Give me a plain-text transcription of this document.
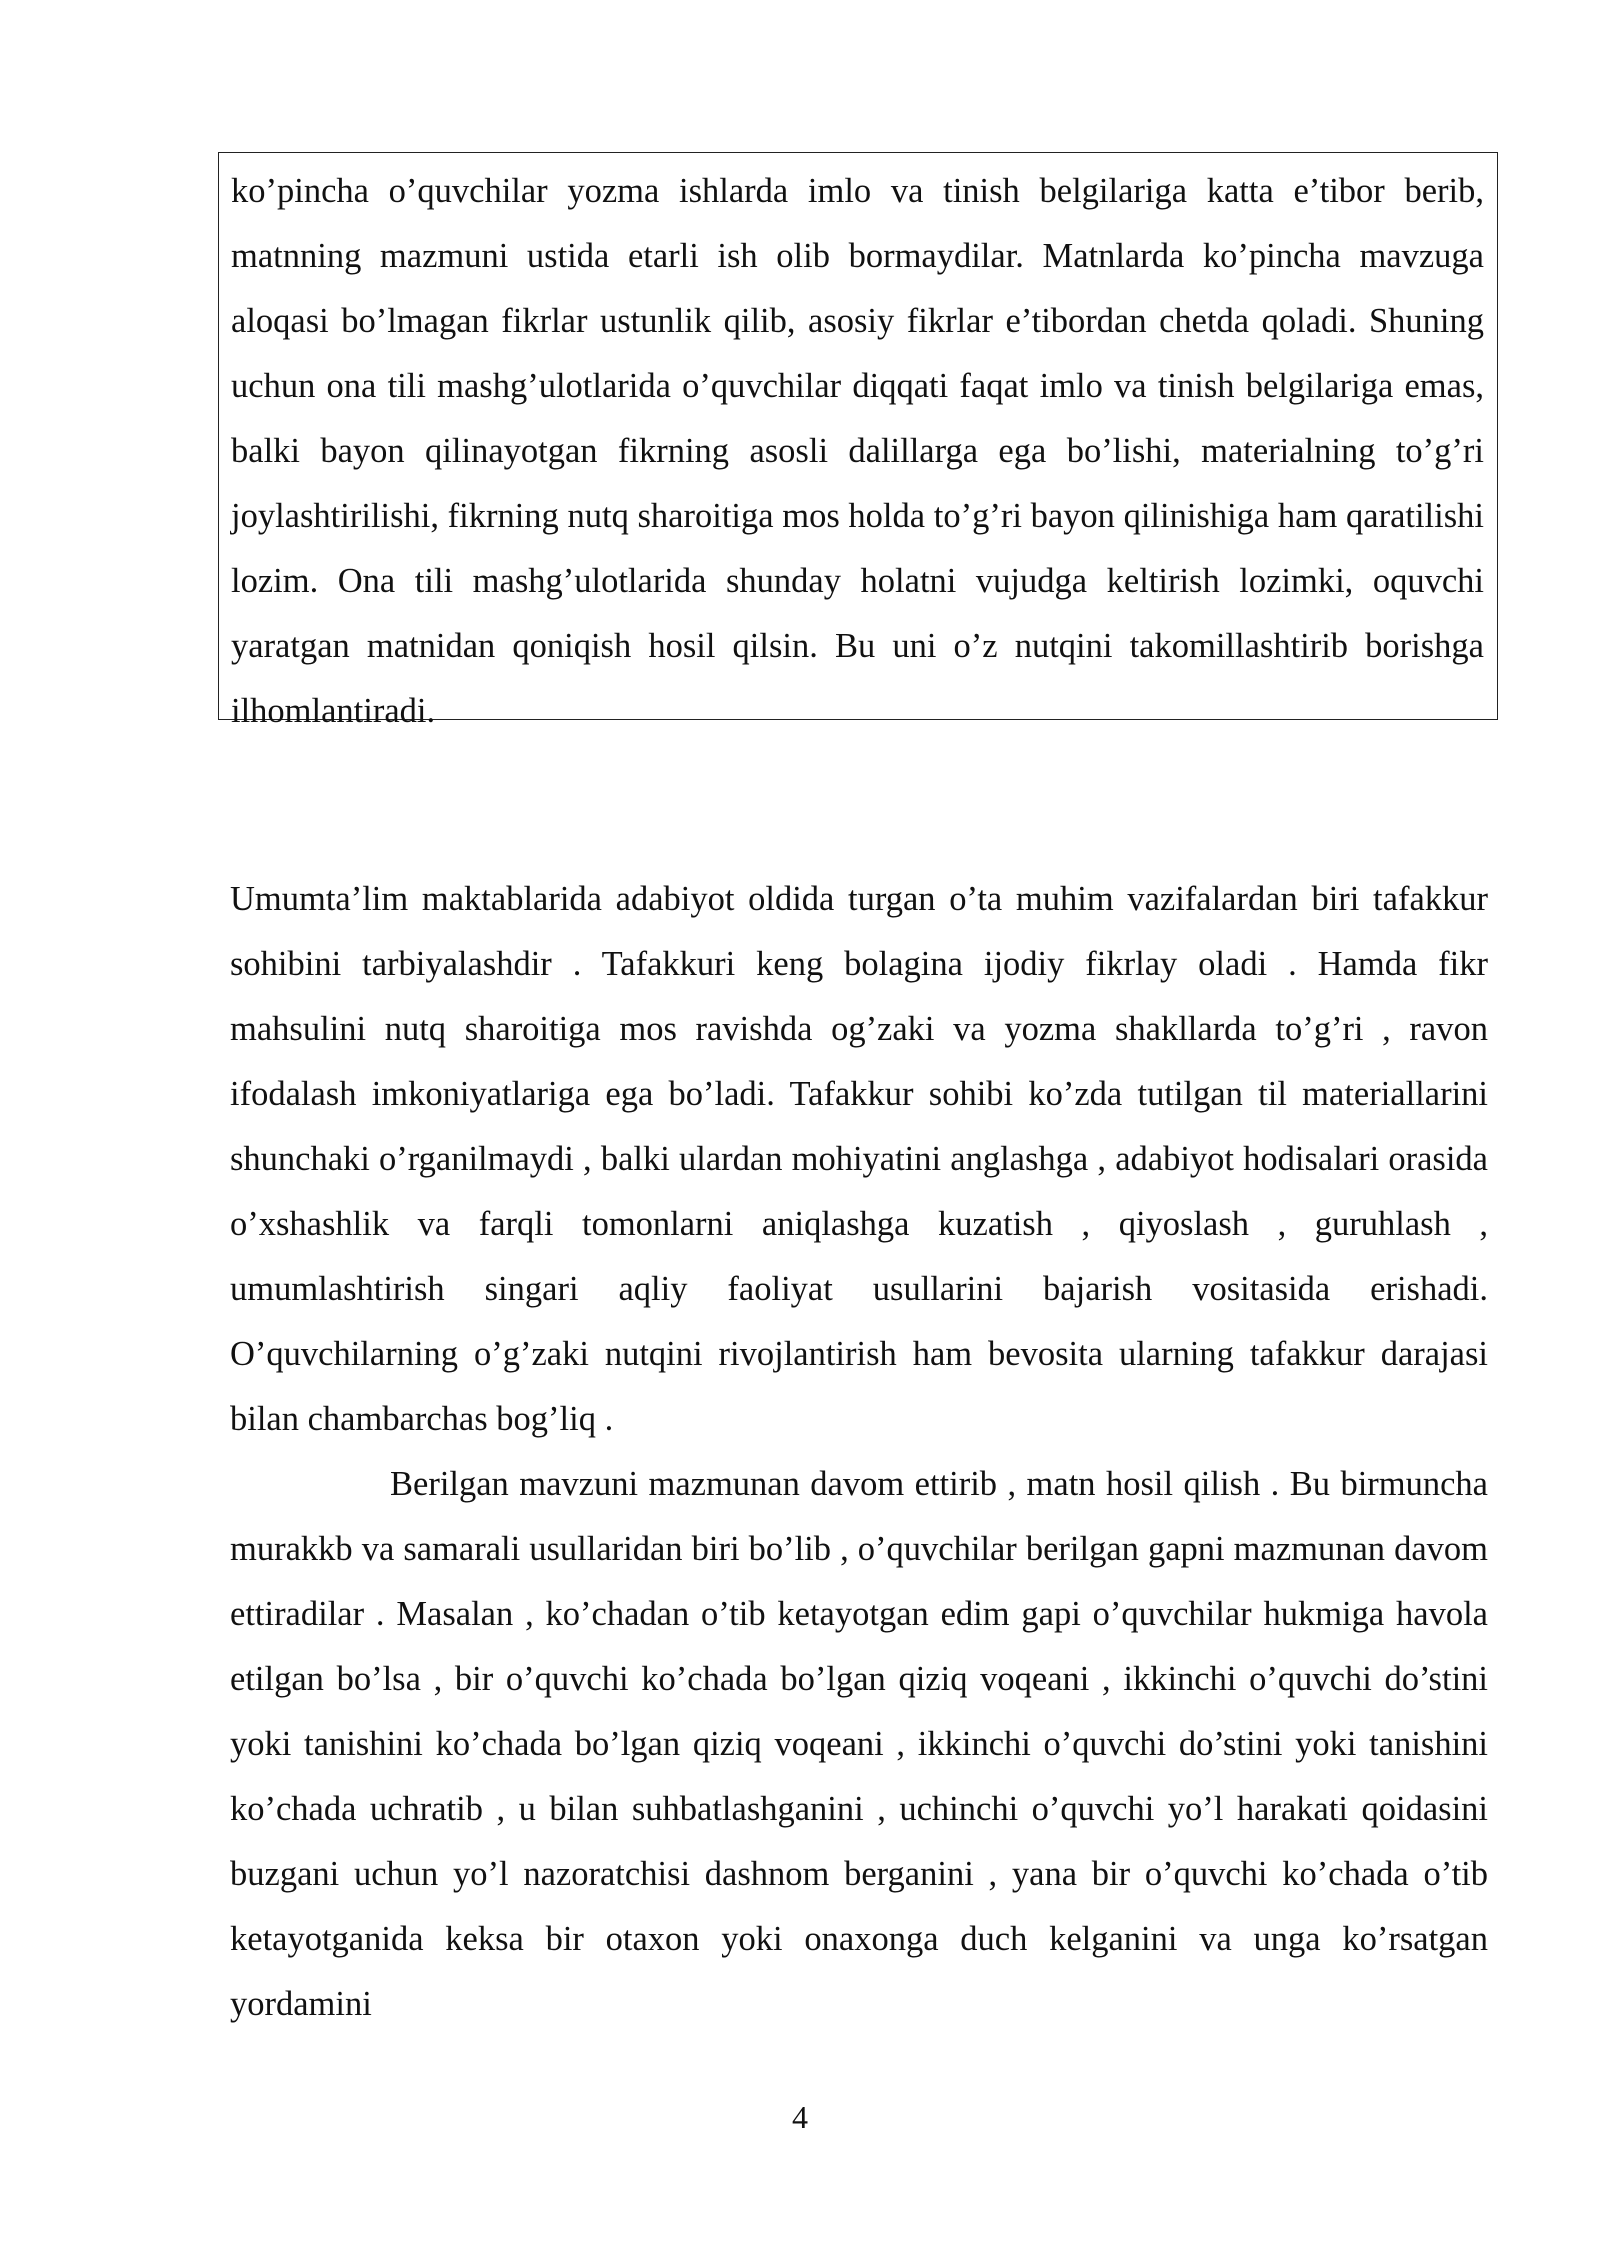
ko’pincha o’quvchilar yozma ishlarda imlo va tinish belgilariga katta e’tibor berib, matnning mazmuni ustida etarli ish olib bormaydilar. Matnlarda ko’pincha mavzuga aloqasi bo’lmagan fikrlar ustunlik qilib, asosiy fikrlar e’tibordan chetda qoladi. Shuning uchun ona tili mashg’ulotlarida o’quvchilar diqqati faqat imlo va tinish belgilariga emas, balki bayon qilinayotgan fikrning asosli dalillarga ega bo’lishi, materialning to’g’ri joylashtirilishi, fikrning nutq sharoitiga mos holda to’g’ri bayon qilinishiga ham qaratilishi lozim. Ona tili mashg’ulotlarida shunday holatni vujudga keltirish lozimki, oquvchi yaratgan matnidan qoniqish hosil qilsin. Bu uni o’z nutqini takomillashtirib borishga ilhomlantiradi.

Umumta’lim maktablarida adabiyot oldida turgan o’ta muhim vazifalardan biri tafakkur sohibini tarbiyalashdir . Tafakkuri keng bolagina ijodiy fikrlay oladi . Hamda fikr mahsulini nutq sharoitiga mos ravishda og’zaki va yozma shakllarda to’g’ri , ravon ifodalash imkoniyatlariga ega bo’ladi. Tafakkur sohibi ko’zda tutilgan til materiallarini shunchaki o’rganilmaydi , balki ulardan mohiyatini anglashga , adabiyot hodisalari orasida o’xshashlik va farqli tomonlarni aniqlashga kuzatish , qiyoslash , guruhlash , umumlashtirish singari aqliy faoliyat usullarini bajarish vositasida erishadi. O’quvchilarning o’g’zaki nutqini rivojlantirish ham bevosita ularning tafakkur darajasi bilan chambarchas bog’liq .

Berilgan mavzuni mazmunan davom ettirib , matn hosil qilish . Bu birmuncha murakkb va samarali usullaridan biri bo’lib , o’quvchilar berilgan gapni mazmunan davom ettiradilar . Masalan , ko’chadan o’tib ketayotgan edim gapi o’quvchilar hukmiga havola etilgan bo’lsa , bir o’quvchi ko’chada bo’lgan qiziq voqeani , ikkinchi o’quvchi do’stini yoki tanishini ko’chada bo’lgan qiziq voqeani , ikkinchi o’quvchi do’stini yoki tanishini ko’chada uchratib , u bilan suhbatlashganini , uchinchi o’quvchi yo’l harakati qoidasini buzgani uchun yo’l nazoratchisi dashnom berganini , yana bir o’quvchi ko’chada o’tib ketayotganida keksa bir otaxon yoki onaxonga duch kelganini va unga ko’rsatgan yordamini

4
